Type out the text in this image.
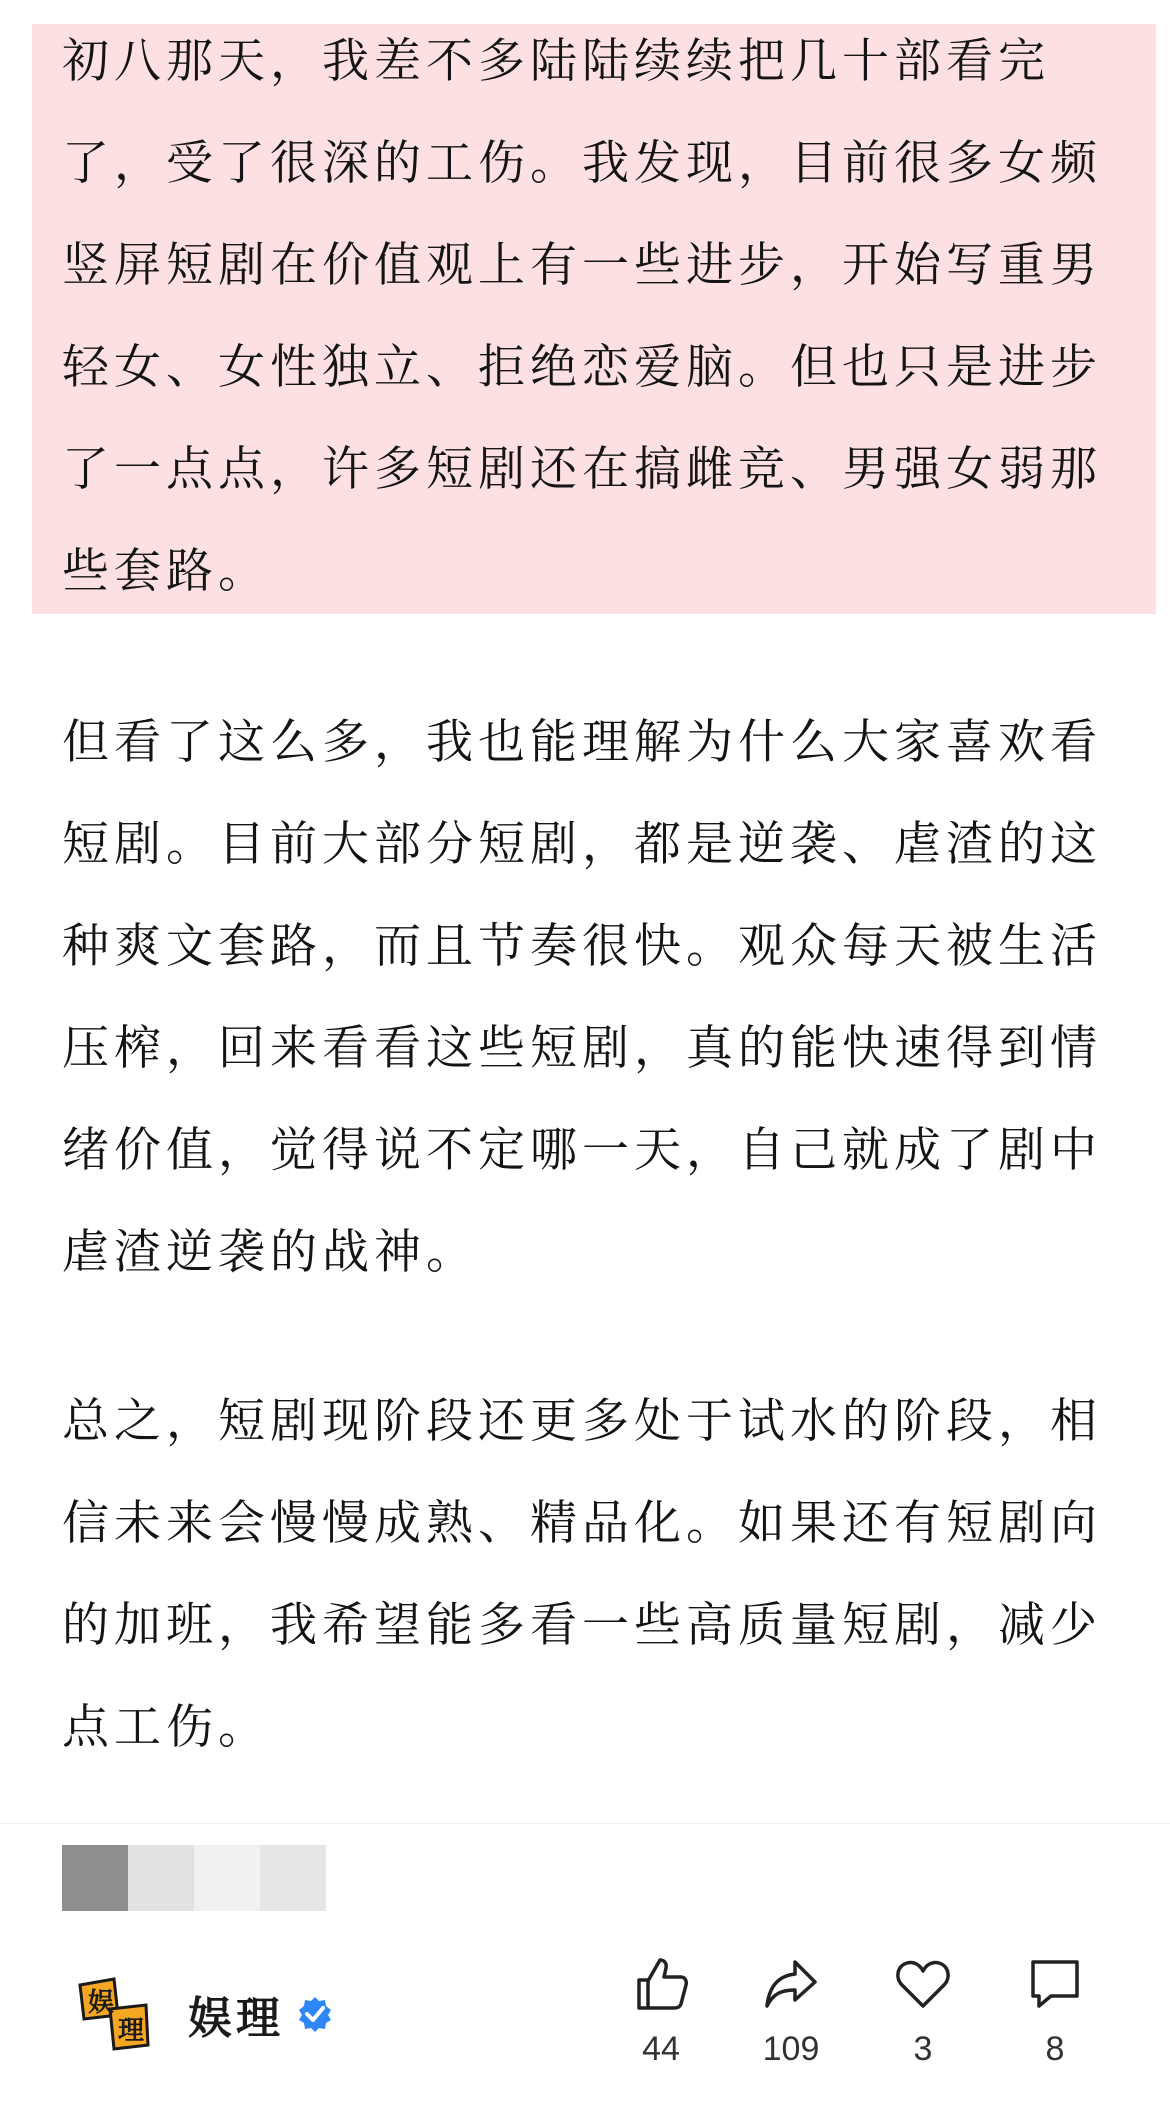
初八那天，我差不多陆陆续续把几十部看完
了，受了很深的工伤。我发现，目前很多女频
竖屏短剧在价值观上有一些进步，开始写重男
轻女、女性独立、拒绝恋爱脑。但也只是进步
了一点点，许多短剧还在搞雌竞、男强女弱那
些套路。
但看了这么多，我也能理解为什么大家喜欢看
短剧。目前大部分短剧，都是逆袭、虐渣的这
种爽文套路，而且节奏很快。观众每天被生活
压榨，回来看看这些短剧，真的能快速得到情
绪价值，觉得说不定哪一天，自己就成了剧中
虐渣逆袭的战神。
总之，短剧现阶段还更多处于试水的阶段，相
信未来会慢慢成熟、精品化。如果还有短剧向
的加班，我希望能多看一些高质量短剧，减少
点工伤。
娱
理 娱理
44 109	3	8
